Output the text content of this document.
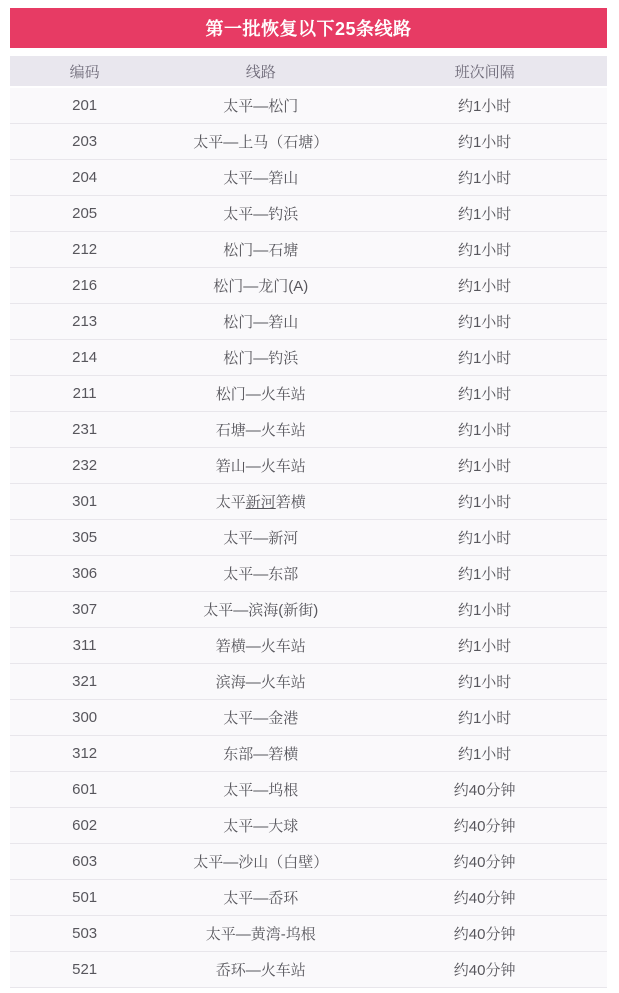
第一批恢复以下25条线路
编码	线路	班次间隔
201	太平—松门	约1小时
203	太平—上马（石塘）	约1小时
204	太平—箬山	约1小时
205	太平—钓浜	约1小时
212	松门—石塘	约1小时
216	松门—龙门(A)	约1小时
213	松门—箬山	约1小时
214	松门—钓浜	约1小时
211	松门—火车站	约1小时
231	石塘—火车站	约1小时
232	箬山—火车站	约1小时
301	太平新河箬横	约1小时
305	太平—新河	约1小时
306	太平—东部	约1小时
307	太平—滨海(新街)	约1小时
311	箬横—火车站	约1小时
321	滨海—火车站	约1小时
300	太平—金港	约1小时
312	东部—箬横	约1小时
601	太平—坞根	约40分钟
602	太平—大球	约40分钟
603	太平—沙山（白壁）	约40分钟
501	太平—岙环	约40分钟
503	太平—黄湾-坞根	约40分钟
521	岙环—火车站	约40分钟
